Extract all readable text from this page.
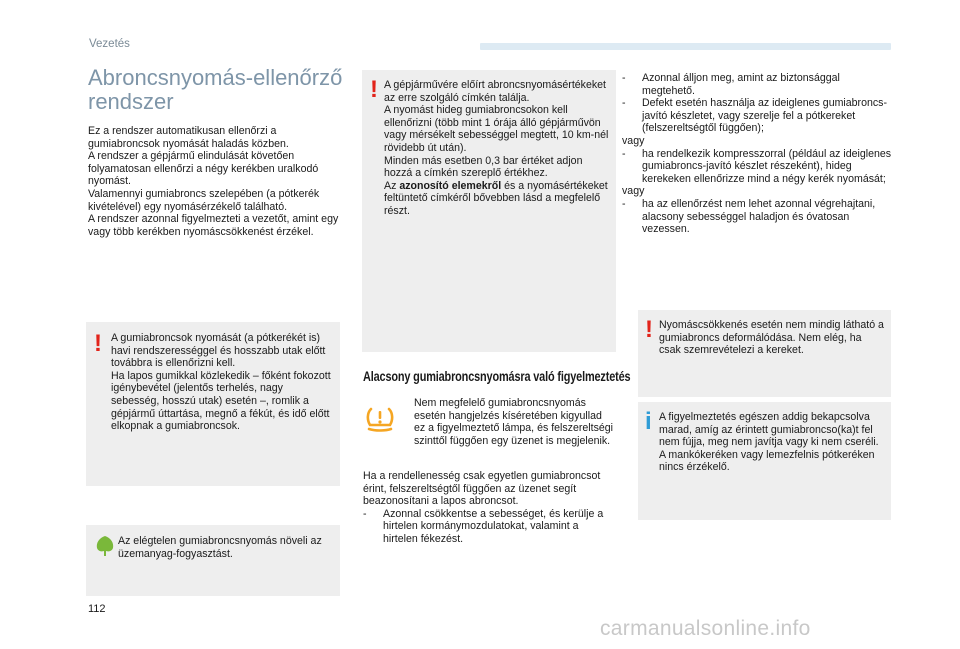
Vezetés
Abroncsnyomás-ellenőrző rendszer
Ez a rendszer automatikusan ellenőrzi a gumiabroncsok nyomását haladás közben.
A rendszer a gépjármű elindulását követően folyamatosan ellenőrzi a négy kerékben uralkodó nyomást.
Valamennyi gumiabroncs szelepében (a pótkerék kivételével) egy nyomásérzékelő található.
A rendszer azonnal figyelmezteti a vezetőt, amint egy vagy több kerékben nyomáscsökkenést érzékel.
! A gumiabroncsok nyomását (a pótkerékét is) havi rendszerességgel és hosszabb utak előtt továbbra is ellenőrizni kell.
Ha lapos gumikkal közlekedik – főként fokozott igénybevétel (jelentős terhelés, nagy sebesség, hosszú utak) esetén –, romlik a gépjármű úttartása, megnő a fékút, és idő előtt elkopnak a gumiabroncsok.
Az elégtelen gumiabroncsnyomás növeli az üzemanyag-fogyasztást.
! A gépjárművére előírt abroncsnyomásértékeket az erre szolgáló címkén találja.
A nyomást hideg gumiabroncsokon kell ellenőrizni (több mint 1 órája álló gépjárművön vagy mérsékelt sebességgel megtett, 10 km-nél rövidebb út után).
Minden más esetben 0,3 bar értéket adjon hozzá a címkén szereplő értékhez.
Az azonosító elemekről és a nyomásértékeket feltüntető címkéről bővebben lásd a megfelelő részt.
Alacsony gumiabroncsnyomásra való figyelmeztetés
Nem megfelelő gumiabroncsnyomás esetén hangjelzés kíséretében kigyullad ez a figyelmeztető lámpa, és felszereltségi szinttől függően egy üzenet is megjelenik.
Ha a rendellenesség csak egyetlen gumiabroncsot érint, felszereltségtől függően az üzenet segít beazonosítani a lapos abroncsot.
- Azonnal csökkentse a sebességet, és kerülje a hirtelen kormánymozdulatokat, valamint a hirtelen fékezést.
- Azonnal álljon meg, amint az biztonsággal megtehető.
- Defekt esetén használja az ideiglenes gumiabroncs-javító készletet, vagy szerelje fel a pótkereket (felszereltségtől függően);
vagy
- ha rendelkezik kompresszorral (például az ideiglenes gumiabroncs-javító készlet részeként), hideg kerekeken ellenőrizze mind a négy kerék nyomását;
vagy
- ha az ellenőrzést nem lehet azonnal végrehajtani, alacsony sebességgel haladjon és óvatosan vezessen.
! Nyomáscsökkenés esetén nem mindig látható a gumiabroncs deformálódása. Nem elég, ha csak szemrevételezi a kereket.
i A figyelmeztetés egészen addig bekapcsolva marad, amíg az érintett gumiabroncso(ka)t fel nem fújja, meg nem javítja vagy ki nem cseréli.
A mankókeréken vagy lemezfelnis pótkeréken nincs érzékelő.
112
carmanualsonline.info
